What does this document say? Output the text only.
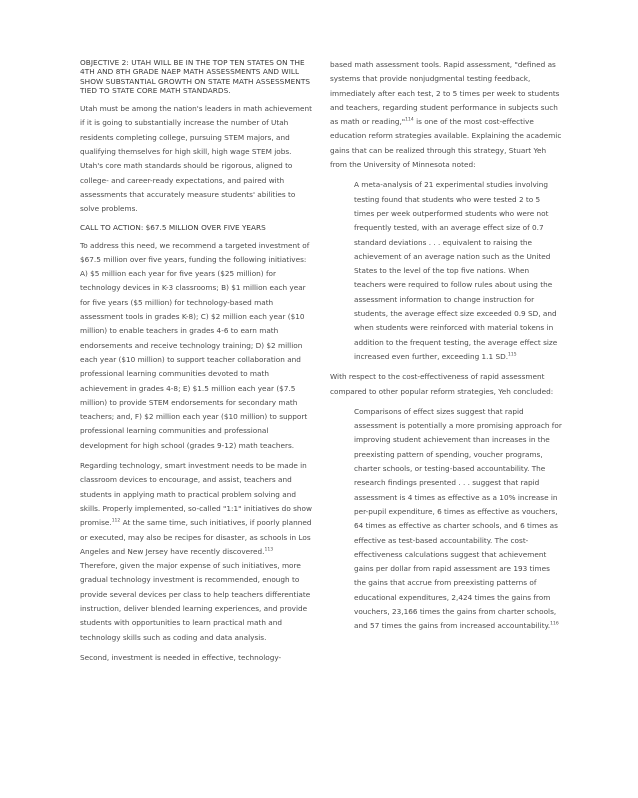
OBJECTIVE 2: UTAH WILL BE IN THE TOP TEN STATES ON THE 4TH AND 8TH GRADE NAEP MATH ASSESSMENTS AND WILL SHOW SUBSTANTIAL GROWTH ON STATE MATH ASSESSMENTS TIED TO STATE CORE MATH STANDARDS.

Utah must be among the nation's leaders in math achievement if it is going to substantially increase the number of Utah residents completing college, pursuing STEM majors, and qualifying themselves for high skill, high wage STEM jobs. Utah's core math standards should be rigorous, aligned to college- and career-ready expectations, and paired with assessments that accurately measure students' abilities to solve problems.

CALL TO ACTION: $67.5 MILLION OVER FIVE YEARS

To address this need, we recommend a targeted investment of $67.5 million over five years, funding the following initiatives: A) $5 million each year for five years ($25 million) for technology devices in K-3 classrooms; B) $1 million each year for five years ($5 million) for technology-based math assessment tools in grades K-8); C) $2 million each year ($10 million) to enable teachers in grades 4-6 to earn math endorsements and receive technology training; D) $2 million each year ($10 million) to support teacher collaboration and professional learning communities devoted to math achievement in grades 4-8; E) $1.5 million each year ($7.5 million) to provide STEM endorsements for secondary math teachers; and, F) $2 million each year ($10 million) to support professional learning communities and professional development for high school (grades 9-12) math teachers.

Regarding technology, smart investment needs to be made in classroom devices to encourage, and assist, teachers and students in applying math to practical problem solving and skills. Properly implemented, so-called "1:1" initiatives do show promise.$^{112}$ At the same time, such initiatives, if poorly planned or executed, may also be recipes for disaster, as schools in Los Angeles and New Jersey have recently discovered.$^{113}$ Therefore, given the major expense of such initiatives, more gradual technology investment is recommended, enough to provide several devices per class to help teachers differentiate instruction, deliver blended learning experiences, and provide students with opportunities to learn practical math and technology skills such as coding and data analysis.

Second, investment is needed in effective, technology-

based math assessment tools. Rapid assessment, "defined as systems that provide nonjudgmental testing feedback, immediately after each test, 2 to 5 times per week to students and teachers, regarding student performance in subjects such as math or reading,"$^{114}$ is one of the most cost-effective education reform strategies available. Explaining the academic gains that can be realized through this strategy, Stuart Yeh from the University of Minnesota noted:

A meta-analysis of 21 experimental studies involving testing found that students who were tested 2 to 5 times per week outperformed students who were not frequently tested, with an average effect size of 0.7 standard deviations . . . equivalent to raising the achievement of an average nation such as the United States to the level of the top five nations. When teachers were required to follow rules about using the assessment information to change instruction for students, the average effect size exceeded 0.9 SD, and when students were reinforced with material tokens in addition to the frequent testing, the average effect size increased even further, exceeding 1.1 SD.$^{115}$

With respect to the cost-effectiveness of rapid assessment compared to other popular reform strategies, Yeh concluded:

Comparisons of effect sizes suggest that rapid assessment is potentially a more promising approach for improving student achievement than increases in the preexisting pattern of spending, voucher programs, charter schools, or testing-based accountability. The research findings presented . . . suggest that rapid assessment is 4 times as effective as a 10% increase in per-pupil expenditure, 6 times as effective as vouchers, 64 times as effective as charter schools, and 6 times as effective as test-based accountability. The cost-effectiveness calculations suggest that achievement gains per dollar from rapid assessment are 193 times the gains that accrue from preexisting patterns of educational expenditures, 2,424 times the gains from vouchers, 23,166 times the gains from charter schools, and 57 times the gains from increased accountability.$^{116}$
